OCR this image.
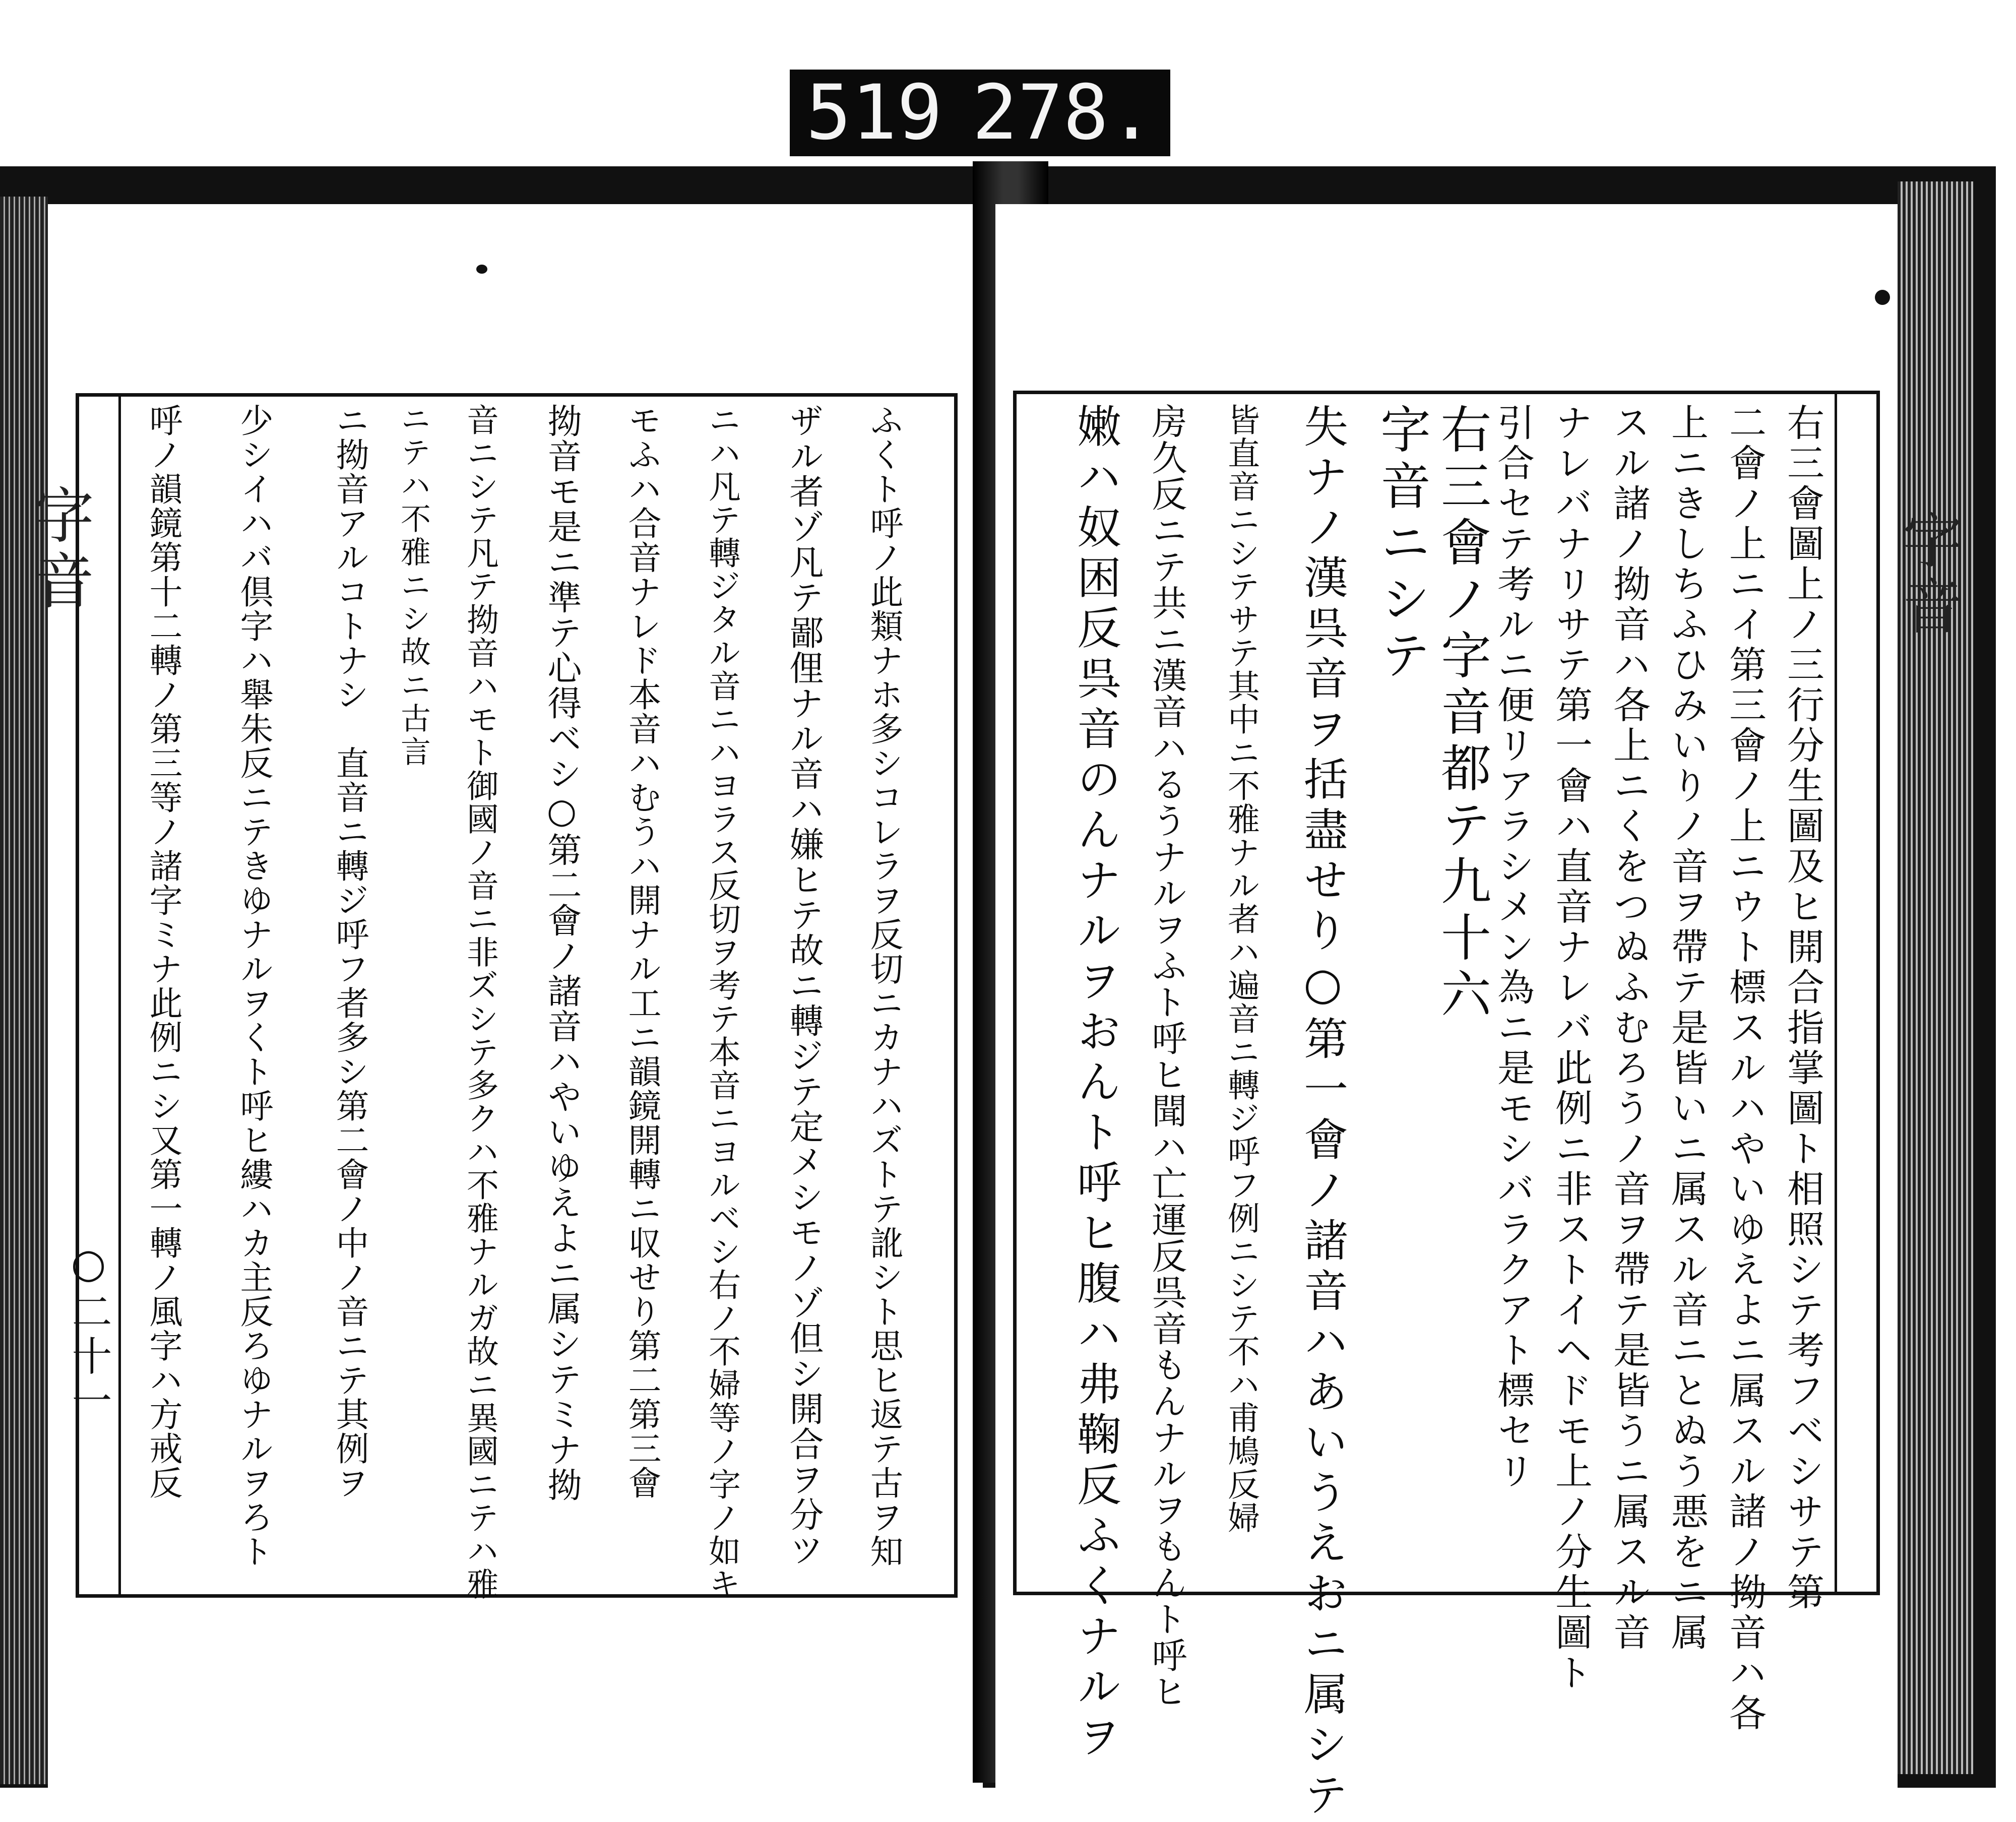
519 278.
字音	字音
○二十一	右三會圖上ノ三行分生圖及ヒ開合指掌圖ト相照シテ考フベシサテ第
二會ノ上ニイ第三會ノ上ニウト標スルハやいゆえよニ属スル諸ノ拗音ハ各
上ニきしちふひみいりノ音ヲ帶テ是皆いニ属スル音ニとぬう悪をニ属
スル諸ノ拗音ハ各上ニくをつぬふむろうノ音ヲ帶テ是皆うニ属スル音
ナレバナリサテ第一會ハ直音ナレバ此例ニ非ストイヘドモ上ノ分生圖ト
引合セテ考ルニ便リアラシメン為ニ是モシバラクアト標セリ
右三會ノ字音都テ九十六
字音ニシテ
失ナノ漢呉音ヲ括盡せり○第一會ノ諸音ハあいうえおニ属シテ
皆直音ニシテサテ其中ニ不雅ナル者ハ遍音ニ轉ジ呼フ例ニシテ不ハ甫鳩反婦
房久反ニテ共ニ漢音ハるうナルヲふト呼ヒ聞ハ亡運反呉音もんナルヲもんト呼ヒ
嫩ハ奴困反呉音のんナルヲおんト呼ヒ腹ハ弗鞠反ふくナルヲ
ふくト呼ノ此類ナホ多シコレラヲ反切ニカナハズトテ訛シト思ヒ返テ古ヲ知
ザル者ゾ凡テ鄙俚ナル音ハ嫌ヒテ故ニ轉ジテ定メシモノゾ但シ開合ヲ分ツ
ニハ凡テ轉ジタル音ニハヨラス反切ヲ考テ本音ニヨルベシ右ノ不婦等ノ字ノ如キ
モふハ合音ナレド本音ハむうハ開ナル工ニ韻鏡開轉ニ収せり第二第三會
拗音モ是ニ準テ心得ベシ○第二會ノ諸音ハやいゆえよニ属シテミナ拗
音ニシテ凡テ拗音ハモト御國ノ音ニ非ズシテ多クハ不雅ナルガ故ニ異國ニテハ雅
ニテハ不雅ニシ故ニ古言
ニ拗音アルコトナシ　直音ニ轉ジ呼フ者多シ第二會ノ中ノ音ニテ其例ヲ
少シイハバ倶字ハ舉朱反ニテきゆナルヲくト呼ヒ縷ハカ主反ろゆナルヲろト
呼ノ韻鏡第十二轉ノ第三等ノ諸字ミナ此例ニシ又第一轉ノ風字ハ方戒反
